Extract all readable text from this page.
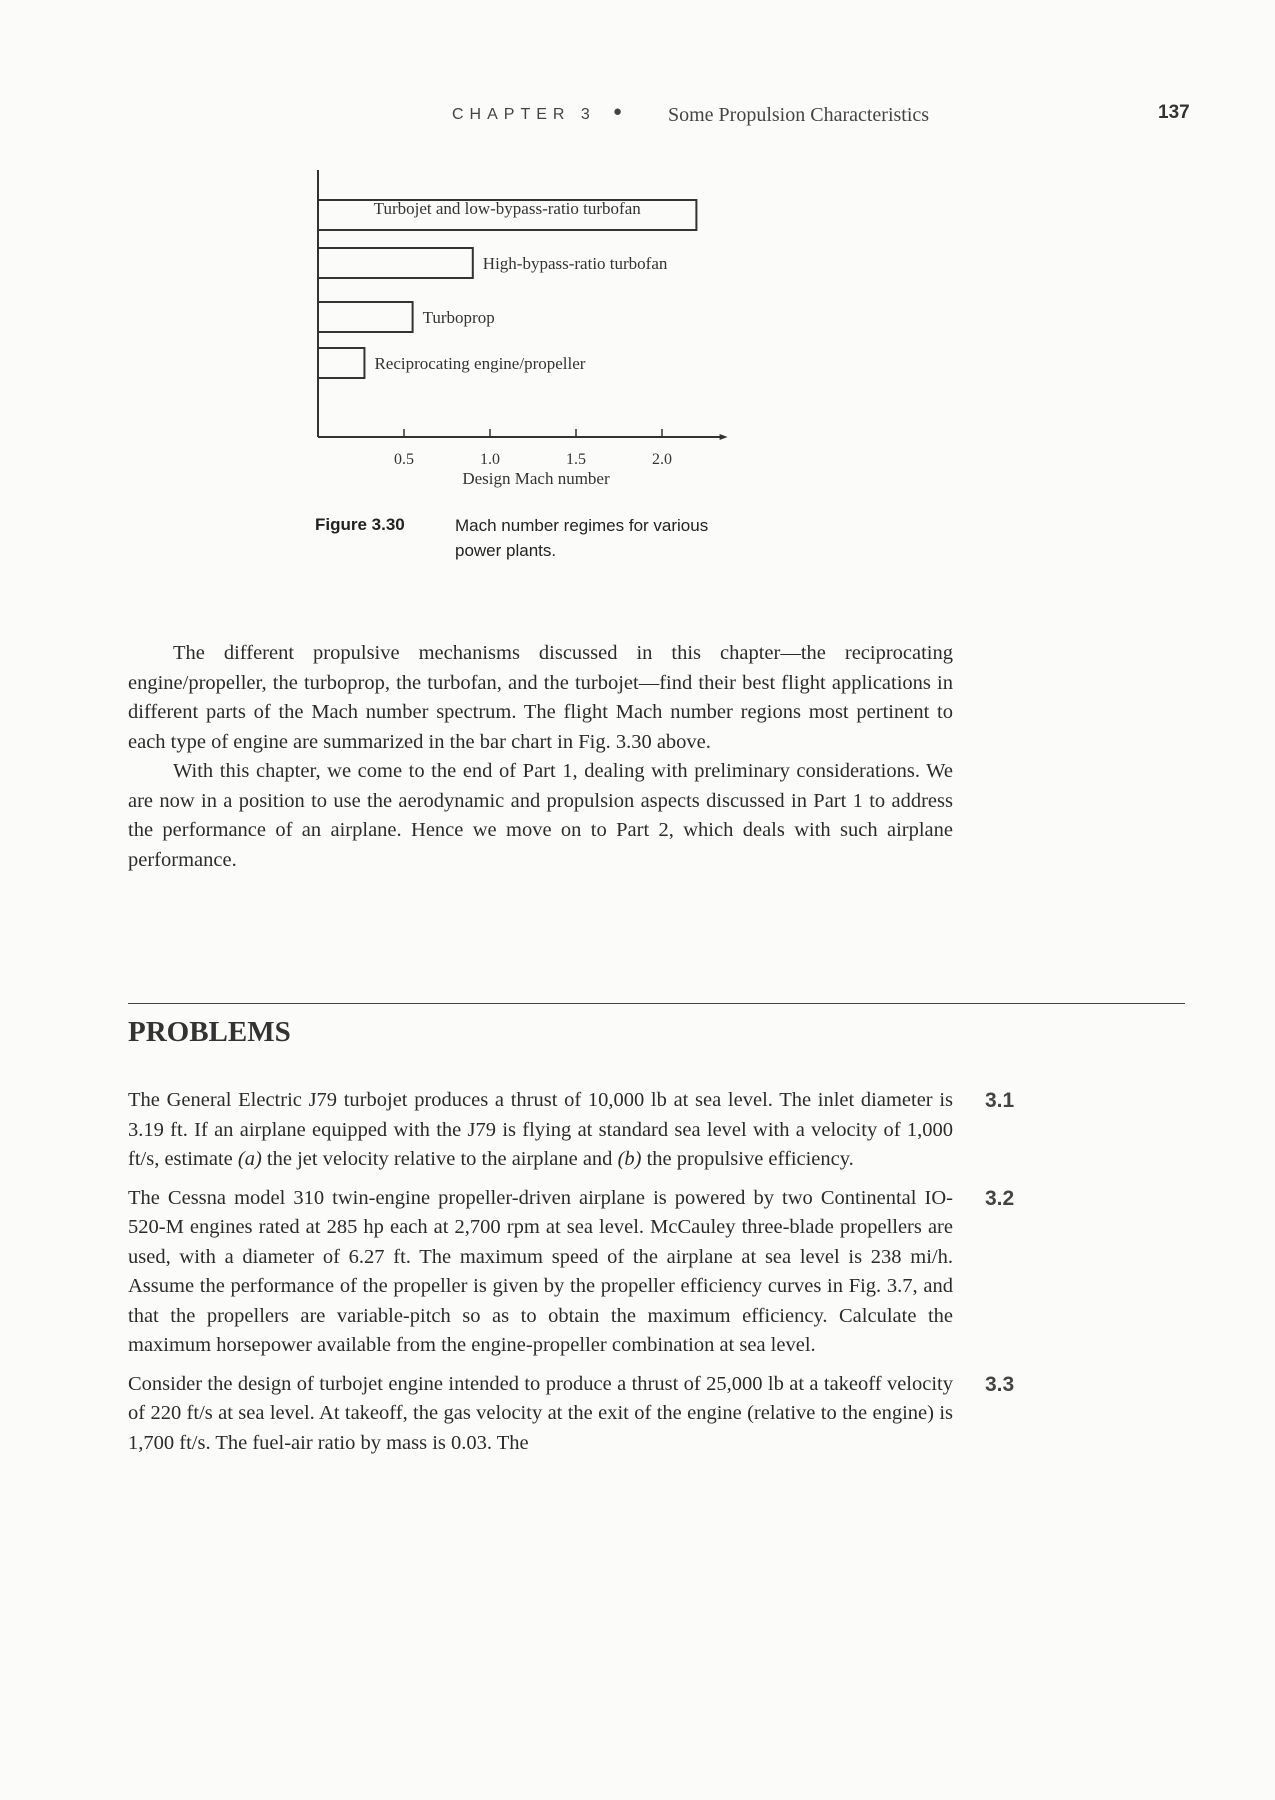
CHAPTER 3 ● Some Propulsion Characteristics	137
Turbojet and low-bypass-ratio turbofan
High-bypass-ratio turbofan
Turboprop
Reciprocating engine/propeller
0.5	1.0	1.5	2.0
Design Mach number
Figure 3.30	Mach number regimes for various power plants.

The different propulsive mechanisms discussed in this chapter—the reciprocating engine/propeller, the turboprop, the turbofan, and the turbojet—find their best flight applications in different parts of the Mach number spectrum. The flight Mach number regions most pertinent to each type of engine are summarized in the bar chart in Fig. 3.30 above.

With this chapter, we come to the end of Part 1, dealing with preliminary considerations. We are now in a position to use the aerodynamic and propulsion aspects discussed in Part 1 to address the performance of an airplane. Hence we move on to Part 2, which deals with such airplane performance.

PROBLEMS
The General Electric J79 turbojet produces a thrust of 10,000 lb at sea level. The inlet diameter is 3.19 ft. If an airplane equipped with the J79 is flying at standard sea level with a velocity of 1,000 ft/s, estimate (a) the jet velocity relative to the airplane and (b) the propulsive efficiency.
3.1
The Cessna model 310 twin-engine propeller-driven airplane is powered by two Continental IO-520-M engines rated at 285 hp each at 2,700 rpm at sea level. McCauley three-blade propellers are used, with a diameter of 6.27 ft. The maximum speed of the airplane at sea level is 238 mi/h. Assume the performance of the propeller is given by the propeller efficiency curves in Fig. 3.7, and that the propellers are variable-pitch so as to obtain the maximum efficiency. Calculate the maximum horsepower available from the engine-propeller combination at sea level.
3.2
Consider the design of turbojet engine intended to produce a thrust of 25,000 lb at a takeoff velocity of 220 ft/s at sea level. At takeoff, the gas velocity at the exit of the engine (relative to the engine) is 1,700 ft/s. The fuel-air ratio by mass is 0.03. The
3.3
